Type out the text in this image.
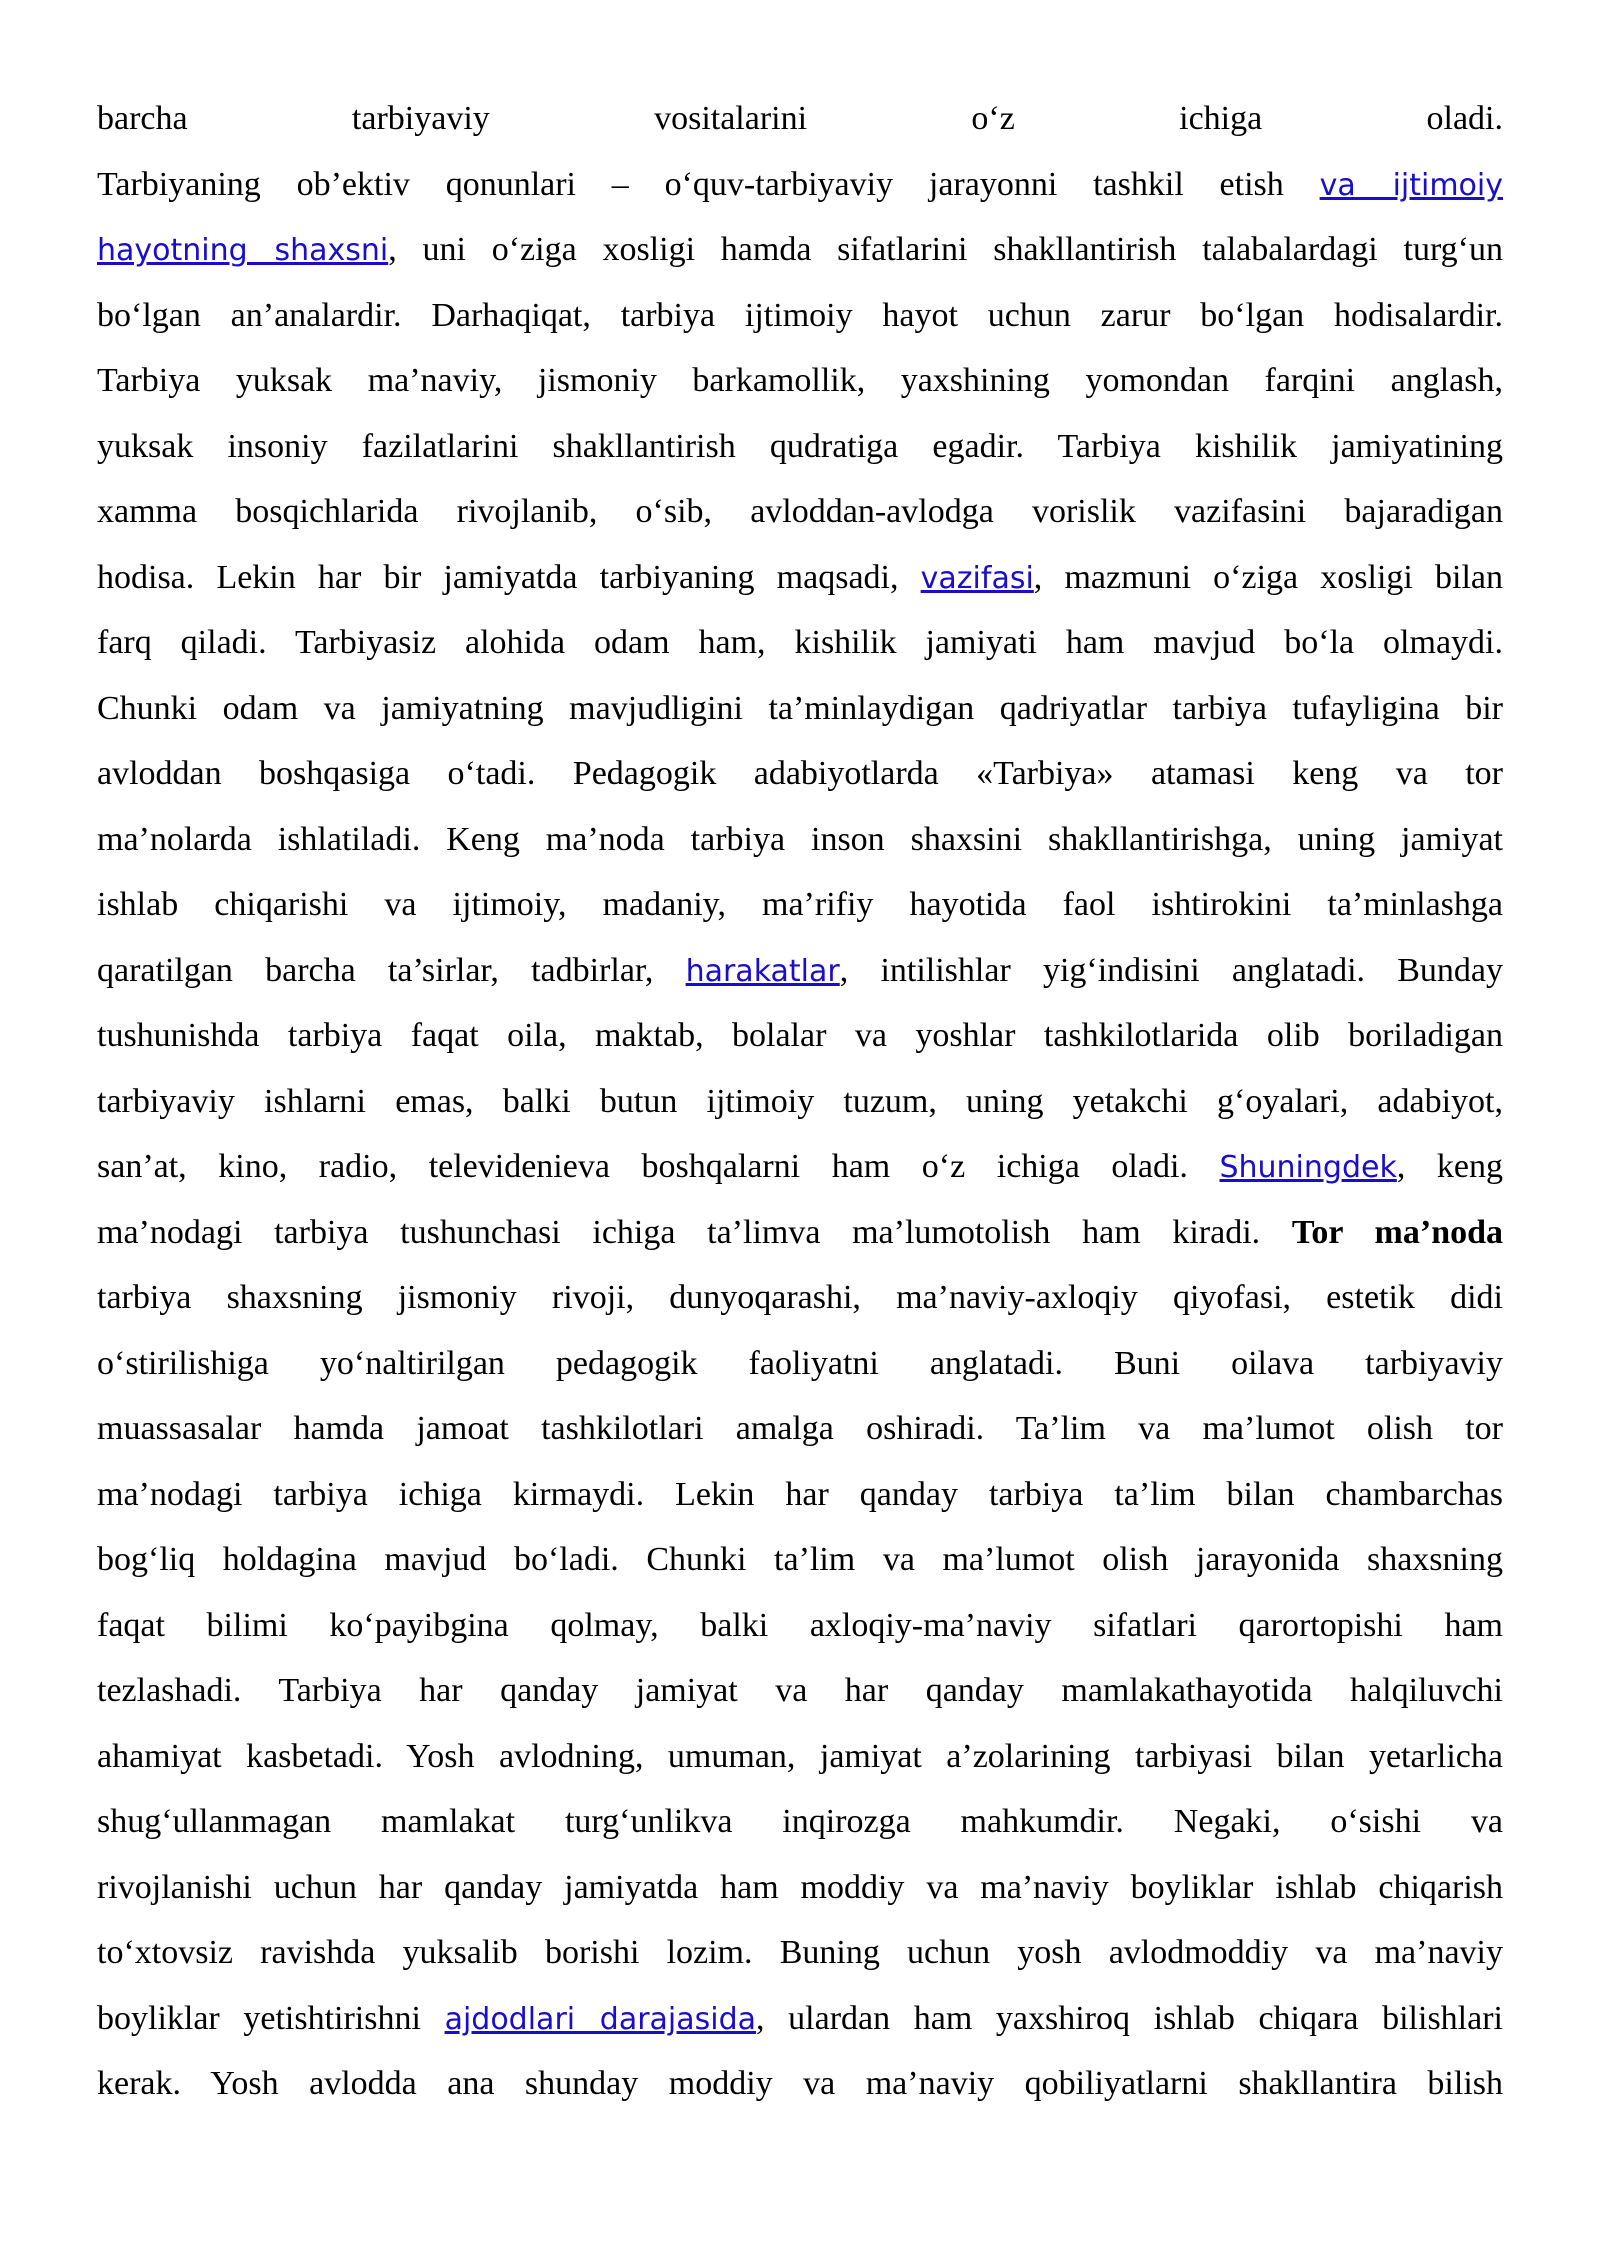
barcha tarbiyaviy vositalarini o‘z ichiga oladi.
Tarbiyaning ob’ektiv qonunlari – o‘quv-tarbiyaviy jarayonni tashkil etish va ijtimoiy
hayotning shaxsni, uni o‘ziga xosligi hamda sifatlarini shakllantirish talabalardagi turg‘un
bo‘lgan an’analardir. Darhaqiqat, tarbiya ijtimoiy hayot uchun zarur bo‘lgan hodisalardir.
Tarbiya yuksak ma’naviy, jismoniy barkamollik, yaxshining yomondan farqini anglash,
yuksak insoniy fazilatlarini shakllantirish qudratiga egadir. Tarbiya kishilik jamiyatining
xamma bosqichlarida rivojlanib, o‘sib, avloddan-avlodga vorislik vazifasini bajaradigan
hodisa. Lekin har bir jamiyatda tarbiyaning maqsadi, vazifasi, mazmuni o‘ziga xosligi bilan
farq qiladi. Tarbiyasiz alohida odam ham, kishilik jamiyati ham mavjud bo‘la olmaydi.
Chunki odam va jamiyatning mavjudligini ta’minlaydigan qadriyatlar tarbiya tufayligina bir
avloddan boshqasiga o‘tadi. Pedagogik adabiyotlarda «Tarbiya» atamasi keng va tor
ma’nolarda ishlatiladi. Keng ma’noda tarbiya inson shaxsini shakllantirishga, uning jamiyat
ishlab chiqarishi va ijtimoiy, madaniy, ma’rifiy hayotida faol ishtirokini ta’minlashga
qaratilgan barcha ta’sirlar, tadbirlar, harakatlar, intilishlar yig‘indisini anglatadi. Bunday
tushunishda tarbiya faqat oila, maktab, bolalar va yoshlar tashkilotlarida olib boriladigan
tarbiyaviy ishlarni emas, balki butun ijtimoiy tuzum, uning yetakchi g‘oyalari, adabiyot,
san’at, kino, radio, televidenieva boshqalarni ham o‘z ichiga oladi. Shuningdek, keng
ma’nodagi tarbiya tushunchasi ichiga ta’limva ma’lumotolish ham kiradi. Tor ma’noda
tarbiya shaxsning jismoniy rivoji, dunyoqarashi, ma’naviy-axloqiy qiyofasi, estetik didi
o‘stirilishiga yo‘naltirilgan pedagogik faoliyatni anglatadi. Buni oilava tarbiyaviy
muassasalar hamda jamoat tashkilotlari amalga oshiradi. Ta’lim va ma’lumot olish tor
ma’nodagi tarbiya ichiga kirmaydi. Lekin har qanday tarbiya ta’lim bilan chambarchas
bog‘liq holdagina mavjud bo‘ladi. Chunki ta’lim va ma’lumot olish jarayonida shaxsning
faqat bilimi ko‘payibgina qolmay, balki axloqiy-ma’naviy sifatlari qarortopishi ham
tezlashadi. Tarbiya har qanday jamiyat va har qanday mamlakathayotida halqiluvchi
ahamiyat kasbetadi. Yosh avlodning, umuman, jamiyat a’zolarining tarbiyasi bilan yetarlicha
shug‘ullanmagan mamlakat turg‘unlikva inqirozga mahkumdir. Negaki, o‘sishi va
rivojlanishi uchun har qanday jamiyatda ham moddiy va ma’naviy boyliklar ishlab chiqarish
to‘xtovsiz ravishda yuksalib borishi lozim. Buning uchun yosh avlodmoddiy va ma’naviy
boyliklar yetishtirishni ajdodlari darajasida, ulardan ham yaxshiroq ishlab chiqara bilishlari
kerak. Yosh avlodda ana shunday moddiy va ma’naviy qobiliyatlarni shakllantira bilish
